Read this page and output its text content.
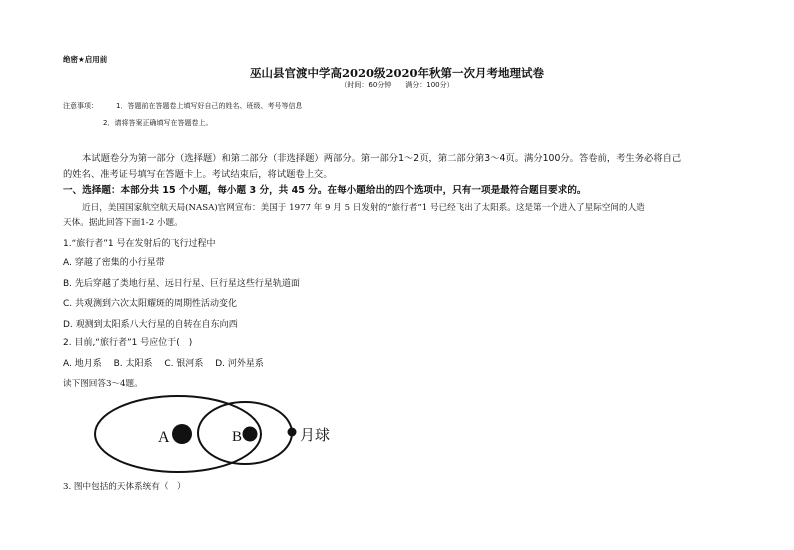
绝密★启用前
巫山县官渡中学高2020级2020年秋第一次月考地理试卷
（时间：60分钟　　满分：100分）
注意事项：	1．答题前在答题卷上填写好自己的姓名、班级、考号等信息
2．请将答案正确填写在答题卷上。
本试题卷分为第一部分（选择题）和第二部分（非选择题）两部分。第一部分1～2页，第二部分第3～4页。满分100分。答卷前，考生务必将自己
的姓名、准考证号填写在答题卡上。考试结束后，将试题卷上交。
一、选择题：本部分共 15 个小题，每小题 3 分，共 45 分。在每小题给出的四个选项中，只有一项是最符合题目要求的。
近日，美国国家航空航天局(NASA)官网宣布：美国于 1977 年 9 月 5 日发射的“旅行者”1 号已经飞出了太阳系。这是第一个进入了星际空间的人造
天体。据此回答下面1-2 小题。
1.“旅行者”1 号在发射后的飞行过程中
A. 穿越了密集的小行星带
B. 先后穿越了类地行星、远日行星、巨行星这些行星轨道面
C. 共观测到六次太阳耀斑的周期性活动变化
D. 观测到太阳系八大行星的自转在自东向西
2. 目前,“旅行者”1 号应位于(　)
A. 地月系　 B. 太阳系　 C. 银河系　 D. 河外星系
读下图回答3～4题。
A	B	月球
3. 图中包括的天体系统有（　）
